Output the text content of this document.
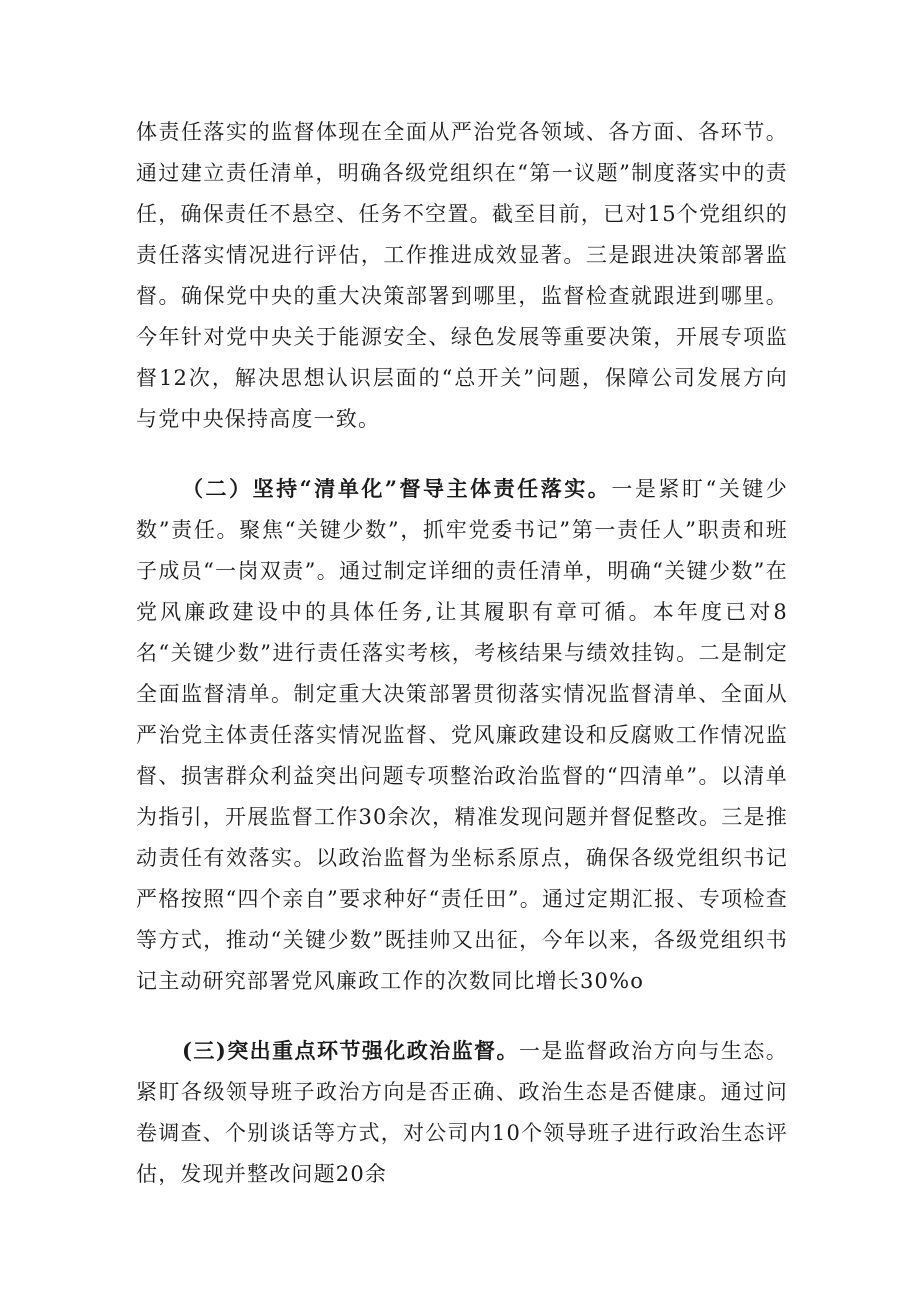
体责任落实的监督体现在全面从严治党各领域、各方面、各环节。通过建立责任清单，明确各级党组织在“第一议题”制度落实中的责任，确保责任不悬空、任务不空置。截至目前，已对15个党组织的责任落实情况进行评估，工作推进成效显著。三是跟进决策部署监督。确保党中央的重大决策部署到哪里，监督检查就跟进到哪里。今年针对党中央关于能源安全、绿色发展等重要决策，开展专项监督12次，解决思想认识层面的“总开关”问题，保障公司发展方向与党中央保持高度一致。

（二）坚持“清单化”督导主体责任落实。一是紧盯“关键少数”责任。聚焦“关键少数”，抓牢党委书记”第一责任人”职责和班子成员“一岗双责”。通过制定详细的责任清单，明确“关键少数”在党风廉政建设中的具体任务,让其履职有章可循。本年度已对8名“关键少数”进行责任落实考核，考核结果与绩效挂钩。二是制定全面监督清单。制定重大决策部署贯彻落实情况监督清单、全面从严治党主体责任落实情况监督、党风廉政建设和反腐败工作情况监督、损害群众利益突出问题专项整治政治监督的“四清单”。以清单为指引，开展监督工作30余次，精准发现问题并督促整改。三是推动责任有效落实。以政治监督为坐标系原点，确保各级党组织书记严格按照“四个亲自”要求种好“责任田”。通过定期汇报、专项检查等方式，推动“关键少数”既挂帅又出征，今年以来，各级党组织书记主动研究部署党风廉政工作的次数同比增长30%o

(三)突出重点环节强化政治监督。一是监督政治方向与生态。紧盯各级领导班子政治方向是否正确、政治生态是否健康。通过问卷调查、个别谈话等方式，对公司内10个领导班子进行政治生态评估，发现并整改问题20余
